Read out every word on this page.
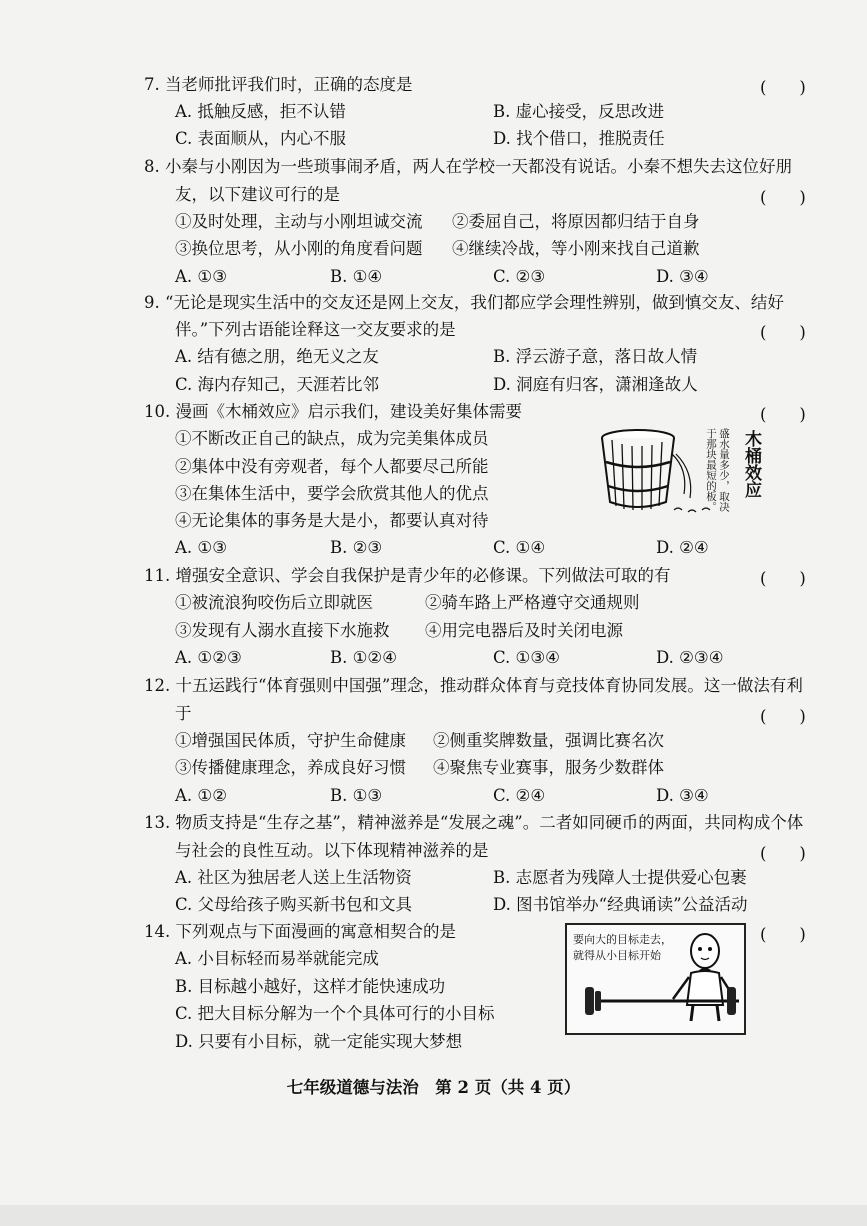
7. 当老师批评我们时，正确的态度是	(　　)
A. 抵触反感，拒不认错	B. 虚心接受，反思改进
C. 表面顺从，内心不服	D. 找个借口，推脱责任
8. 小秦与小刚因为一些琐事闹矛盾，两人在学校一天都没有说话。小秦不想失去这位好朋
友，以下建议可行的是	(　　)
①及时处理，主动与小刚坦诚交流 ②委屈自己，将原因都归结于自身
③换位思考，从小刚的角度看问题 ④继续冷战，等小刚来找自己道歉
A. ①③	B. ①④	C. ②③	D. ③④
9. “无论是现实生活中的交友还是网上交友，我们都应学会理性辨别，做到慎交友、结好
伴。”下列古语能诠释这一交友要求的是	(　　)
A. 结有德之朋，绝无义之友	B. 浮云游子意，落日故人情
C. 海内存知己，天涯若比邻	D. 洞庭有归客，潇湘逢故人
10. 漫画《木桶效应》启示我们，建设美好集体需要	(　　)
①不断改正自己的缺点，成为完美集体成员
②集体中没有旁观者，每个人都要尽己所能
③在集体生活中，要学会欣赏其他人的优点
④无论集体的事务是大是小，都要认真对待
A. ①③	B. ②③	C. ①④	D. ②④
盛水量多少，取决于那块最短的板。	木桶效应
11. 增强安全意识、学会自我保护是青少年的必修课。下列做法可取的有	(　　)
①被流浪狗咬伤后立即就医	②骑车路上严格遵守交通规则
③发现有人溺水直接下水施救 ④用完电器后及时关闭电源
A. ①②③	B. ①②④	C. ①③④	D. ②③④
12. 十五运践行“体育强则中国强”理念，推动群众体育与竞技体育协同发展。这一做法有利
于	(　　)
①增强国民体质，守护生命健康 ②侧重奖牌数量，强调比赛名次
③传播健康理念，养成良好习惯 ④聚焦专业赛事，服务少数群体
A. ①②	B. ①③	C. ②④	D. ③④
13. 物质支持是“生存之基”，精神滋养是“发展之魂”。二者如同硬币的两面，共同构成个体
与社会的良性互动。以下体现精神滋养的是	(　　)
A. 社区为独居老人送上生活物资	B. 志愿者为残障人士提供爱心包裹
C. 父母给孩子购买新书包和文具	D. 图书馆举办“经典诵读”公益活动
14. 下列观点与下面漫画的寓意相契合的是	(　　)
A. 小目标轻而易举就能完成
B. 目标越小越好，这样才能快速成功
C. 把大目标分解为一个个具体可行的小目标
D. 只要有小目标，就一定能实现大梦想
要向大的目标走去，
就得从小目标开始
七年级道德与法治　第 2 页（共 4 页）
